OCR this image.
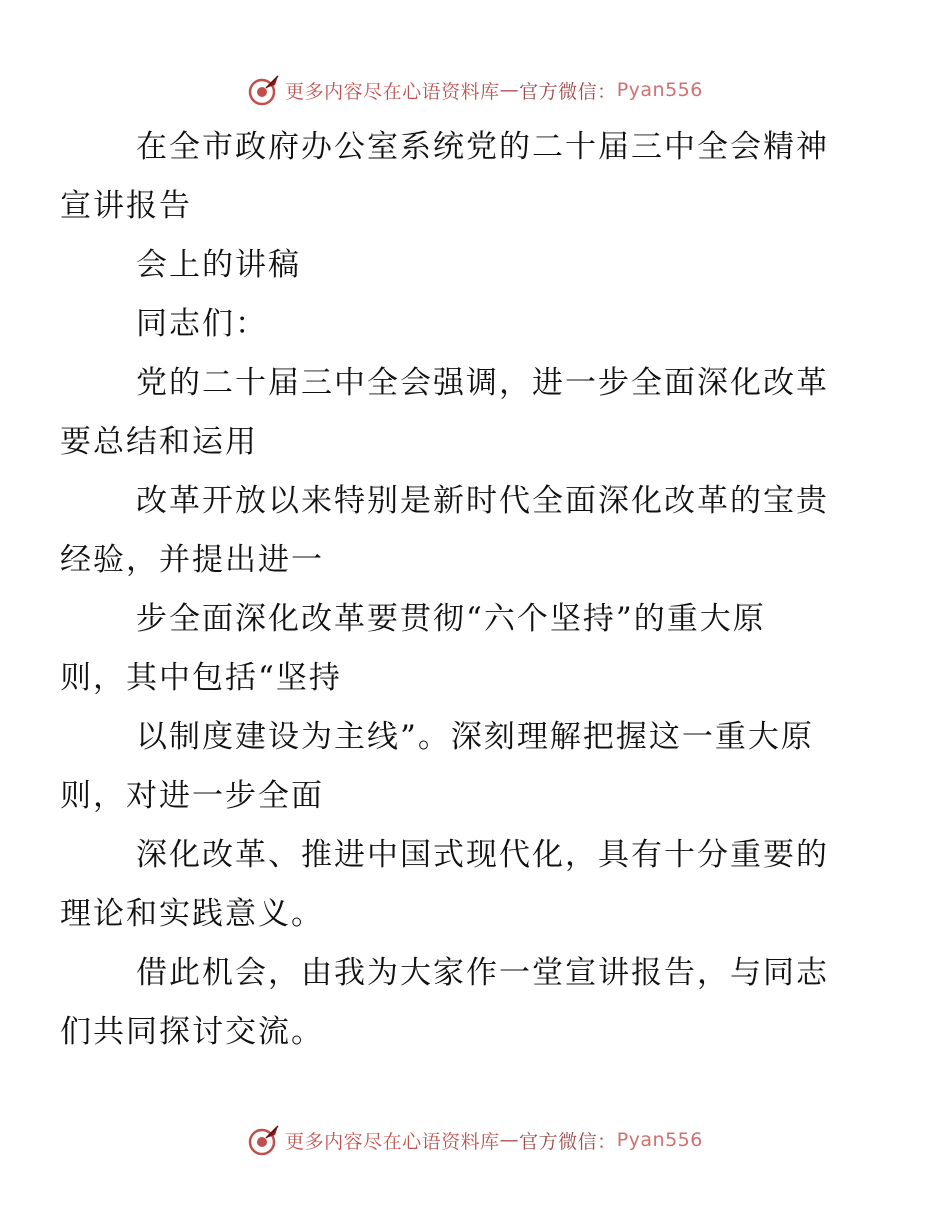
更多内容尽在心语资料库 — 官方微信： Pyan556

在全市政府办公室系统党的二十届三中全会精神
宣讲报告

会上的讲稿

同志们：

党的二十届三中全会强调，进一步全面深化改革
要总结和运用

改革开放以来特别是新时代全面深化改革的宝贵
经验，并提出进一

步全面深化改革要贯彻“六个坚持”的重大原
则，其中包括“坚持

以制度建设为主线”。深刻理解把握这一重大原
则，对进一步全面

深化改革、推进中国式现代化，具有十分重要的
理论和实践意义。

借此机会，由我为大家作一堂宣讲报告，与同志
们共同探讨交流。

更多内容尽在心语资料库 — 官方微信： Pyan556
